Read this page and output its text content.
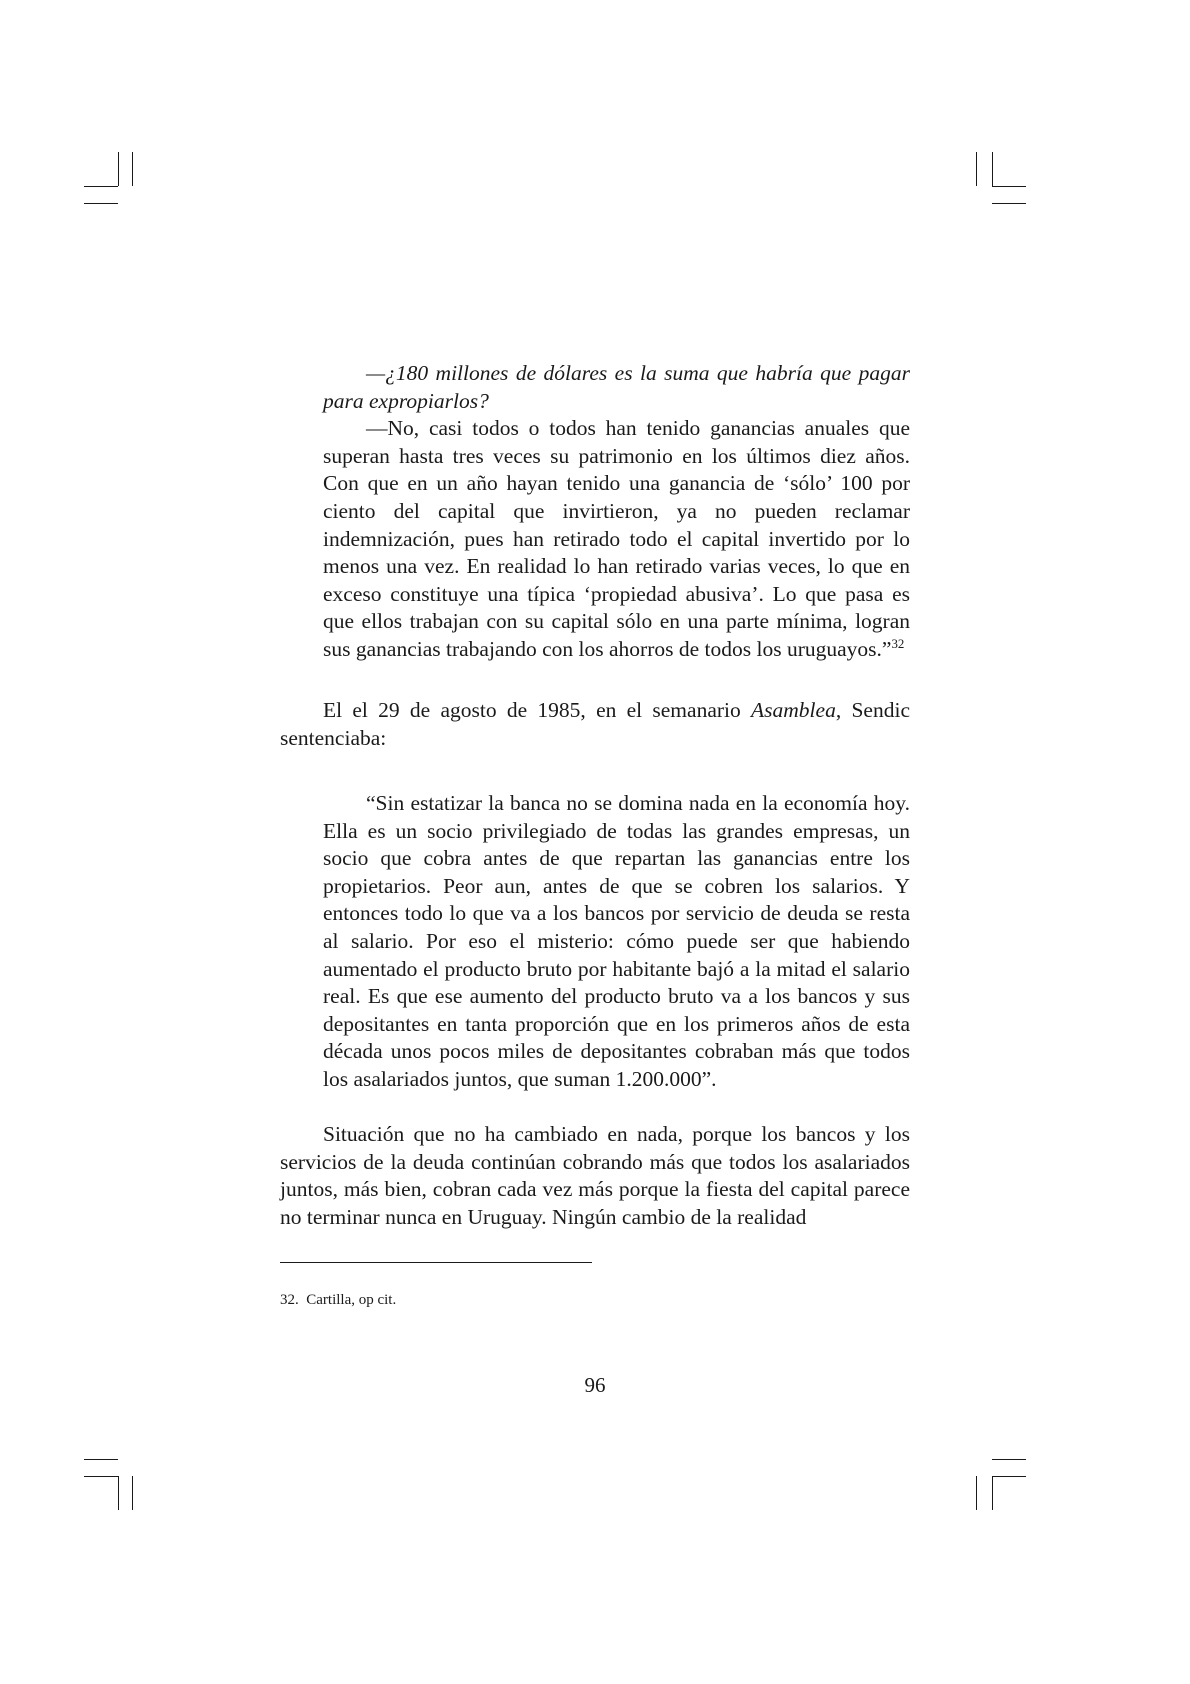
—¿180 millones de dólares es la suma que habría que pagar para expropiarlos?

—No, casi todos o todos han tenido ganancias anuales que superan hasta tres veces su patrimonio en los últimos diez años. Con que en un año hayan tenido una ganancia de ‘sólo’ 100 por ciento del capital que invirtieron, ya no pueden reclamar indemnización, pues han retirado todo el capital invertido por lo menos una vez. En realidad lo han retirado varias veces, lo que en exceso constituye una típica ‘propiedad abusiva’. Lo que pasa es que ellos trabajan con su capital sólo en una parte mínima, logran sus ganancias trabajando con los ahorros de todos los uruguayos.”$^{32}$

El el 29 de agosto de 1985, en el semanario Asamblea, Sendic sentenciaba:

“Sin estatizar la banca no se domina nada en la economía hoy. Ella es un socio privilegiado de todas las grandes empresas, un socio que cobra antes de que repartan las ganancias entre los propietarios. Peor aun, antes de que se cobren los salarios. Y entonces todo lo que va a los bancos por servicio de deuda se resta al salario. Por eso el misterio: cómo puede ser que habiendo aumentado el producto bruto por habitante bajó a la mitad el salario real. Es que ese aumento del producto bruto va a los bancos y sus depositantes en tanta proporción que en los primeros años de esta década unos pocos miles de depositantes cobraban más que todos los asalariados juntos, que suman 1.200.000”.

Situación que no ha cambiado en nada, porque los bancos y los servicios de la deuda continúan cobrando más que todos los asalariados juntos, más bien, cobran cada vez más porque la fiesta del capital parece no terminar nunca en Uruguay. Ningún cambio de la realidad

32. Cartilla, op cit.
96
